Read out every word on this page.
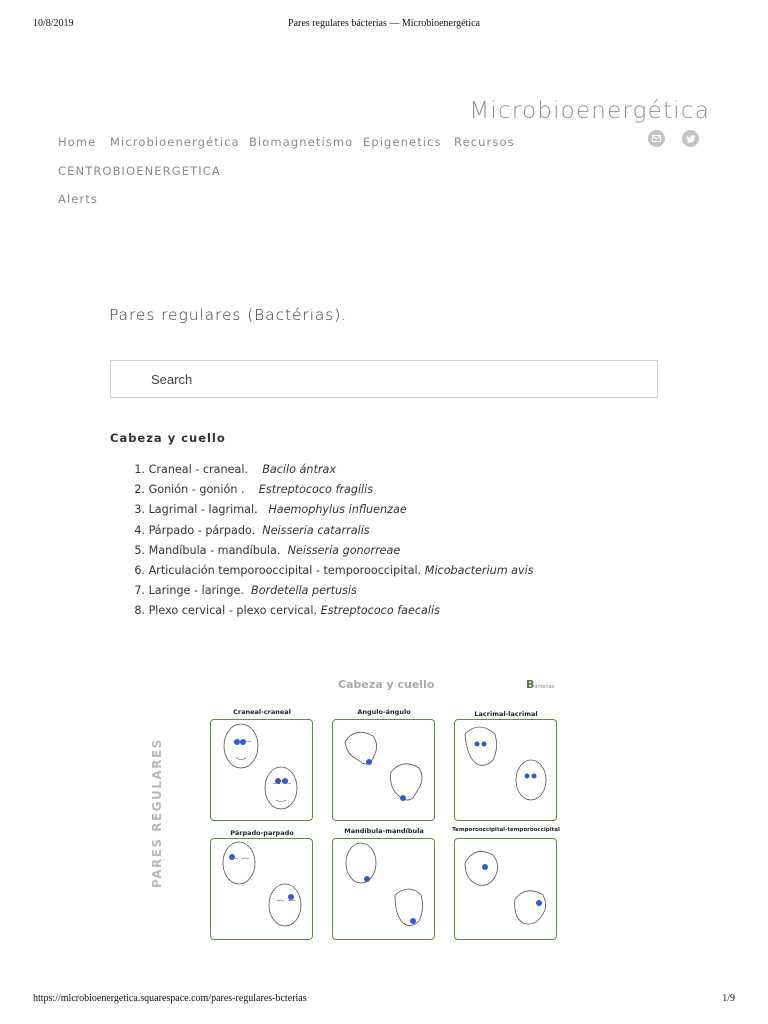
10/8/2019	Pares regulares bácterias — Microbioenergética
Microbioenergética
Home Microbioenergética Biomagnetismo Epigenetics Recursos
CENTROBIOENERGETICA
Alerts
Pares regulares (Bactérias).
Search
Cabeza y cuello
1. Craneal - craneal. Bacilo ántrax
2. Gonión - gonión . Estreptococo fragilis
3. Lagrimal - lagrimal. Haemophylus influenzae
4. Párpado - párpado. Neisseria catarralis
5. Mandíbula - mandíbula. Neisseria gonorreae
6. Articulación temporooccipital - temporooccipital. Micobacterium avis
7. Laringe - laringe. Bordetella pertusis
8. Plexo cervical - plexo cervical. Estreptococo faecalis
Cabeza y cuello	Bacterias
PARES REGULARES
Craneal-craneal	Angulo-ángulo	Lacrimal-lacrimal
Párpado-parpado	Mandíbula-mandíbula	Temporooccipital-temporooccipital
https://microbioenergetica.squarespace.com/pares-regulares-bcterias	1/9
